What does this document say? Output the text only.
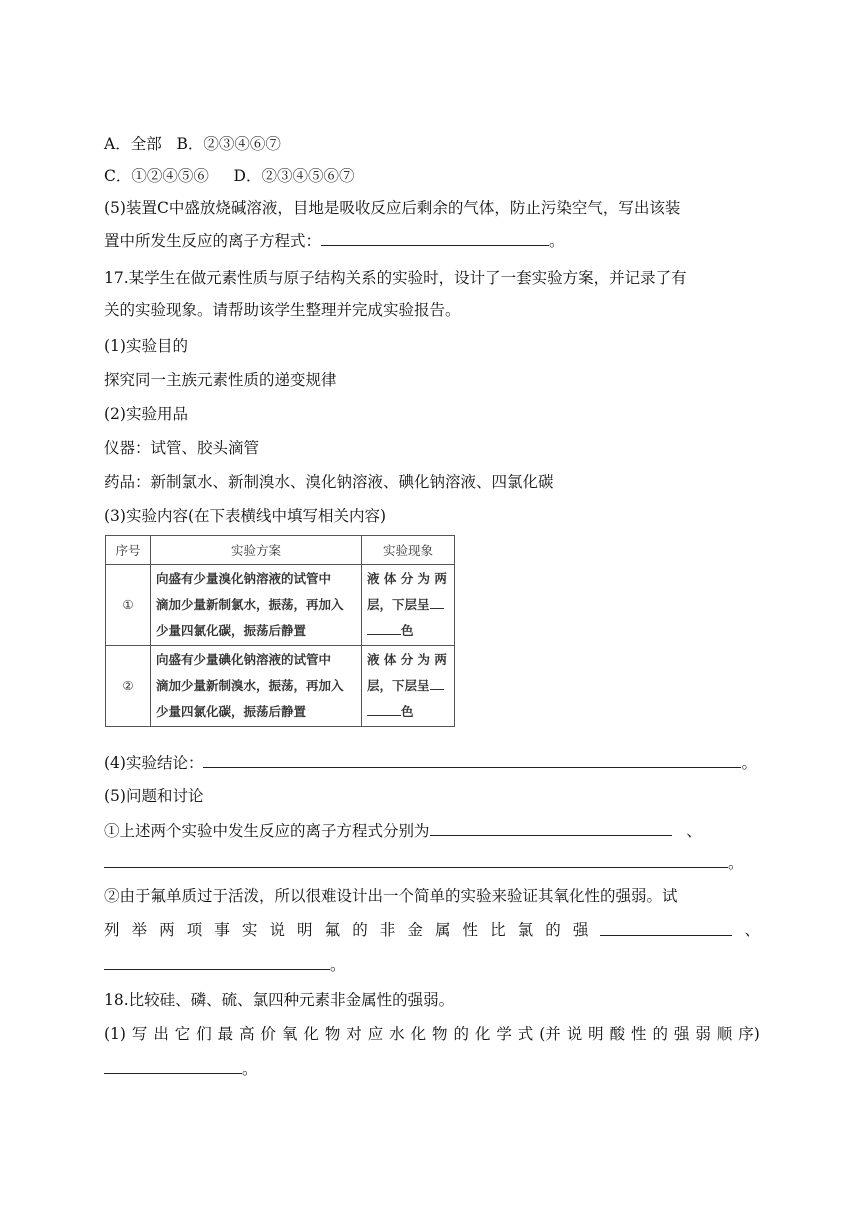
A．全部 B．②③④⑥⑦
C．①②④⑤⑥ D．②③④⑤⑥⑦
(5)装置C中盛放烧碱溶液，目地是吸收反应后剩余的气体，防止污染空气，写出该装
置中所发生反应的离子方程式：	。
17.某学生在做元素性质与原子结构关系的实验时，设计了一套实验方案，并记录了有
关的实验现象。请帮助该学生整理并完成实验报告。
(1)实验目的
探究同一主族元素性质的递变规律
(2)实验用品
仪器：试管、胶头滴管
药品：新制氯水、新制溴水、溴化钠溶液、碘化钠溶液、四氯化碳
(3)实验内容(在下表横线中填写相关内容)
序号	实验方案	实验现象
①	向盛有少量溴化钠溶液的试管中
滴加少量新制氯水，振荡，再加入
少量四氯化碳，振荡后静置	液 体 分 为 两
层，下层呈
色

②	向盛有少量碘化钠溶液的试管中
滴加少量新制溴水，振荡，再加入
少量四氯化碳，振荡后静置	液 体 分 为 两
层，下层呈
色
(4)实验结论：	。
(5)问题和讨论
①上述两个实验中发生反应的离子方程式分别为	、
。
②由于氟单质过于活泼，所以很难设计出一个简单的实验来验证其氧化性的强弱。试
列 举 两 项 事 实 说 明 氟 的 非 金 属 性 比 氯 的 强	、
。
18.比较硅、磷、硫、氯四种元素非金属性的强弱。
(1) 写 出 它 们 最 高 价 氧 化 物 对 应 水 化 物 的 化 学 式 (并 说 明 酸 性 的 强 弱 顺 序)
。
